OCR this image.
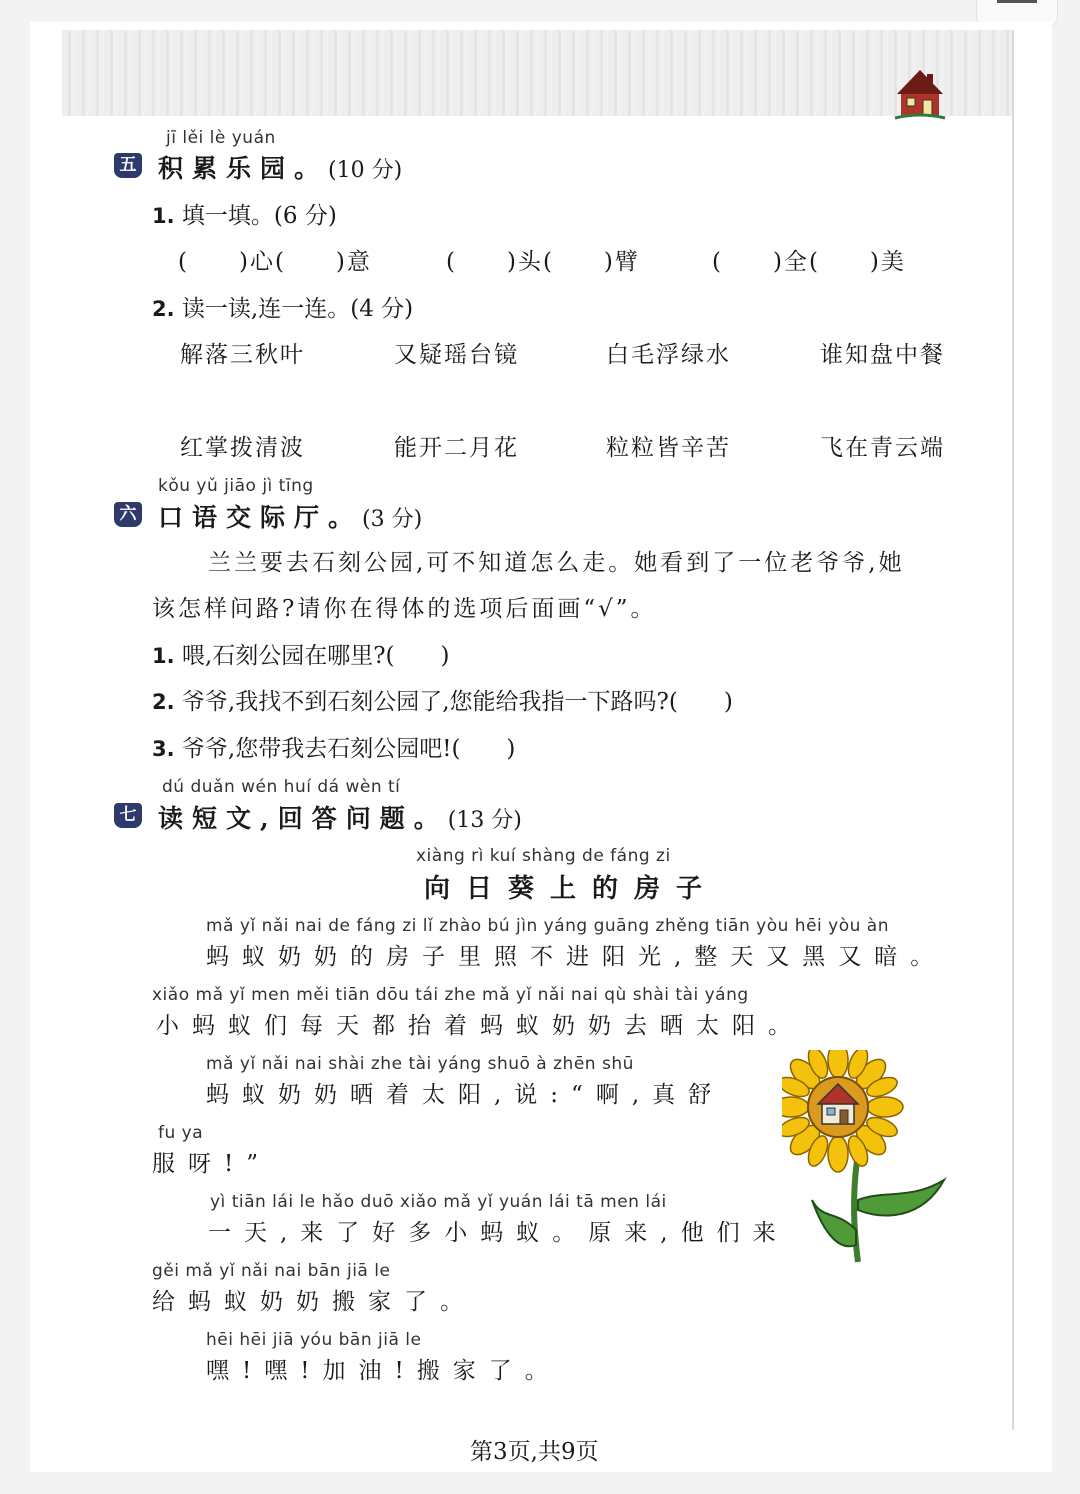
jī lěi lè yuán
五 积累乐园。(10 分)
1. 填一填。(6 分)
(　　)心(　　)意	(　　)头(　　)臂	(　　)全(　　)美
2. 读一读,连一连。(4 分)
解落三秋叶	又疑瑶台镜	白毛浮绿水	谁知盘中餐
红掌拨清波	能开二月花	粒粒皆辛苦	飞在青云端
kǒu yǔ jiāo jì tīng
六 口语交际厅。(3 分)
兰兰要去石刻公园,可不知道怎么走。她看到了一位老爷爷,她
该怎样问路?请你在得体的选项后面画“√”。
1. 喂,石刻公园在哪里?(　　)
2. 爷爷,我找不到石刻公园了,您能给我指一下路吗?(　　)
3. 爷爷,您带我去石刻公园吧!(　　)
dú duǎn wén huí dá wèn tí
七 读短文,回答问题。(13 分)
xiàng rì kuí shàng de fáng zi
向日葵上的房子
mǎ yǐ nǎi nai de fáng zi lǐ zhào bú jìn yáng guāng zhěng tiān yòu hēi yòu àn
蚂蚁奶奶的房子里照不进阳光,整天又黑又暗。
xiǎo mǎ yǐ men měi tiān dōu tái zhe mǎ yǐ nǎi nai qù shài tài yáng
小蚂蚁们每天都抬着蚂蚁奶奶去晒太阳。
mǎ yǐ nǎi nai shài zhe tài yáng shuō à zhēn shū
蚂蚁奶奶晒着太阳,说:“啊,真舒
fu ya
服呀!”
yì tiān lái le hǎo duō xiǎo mǎ yǐ yuán lái tā men lái
一天,来了好多小蚂蚁。原来,他们来
gěi mǎ yǐ nǎi nai bān jiā le
给蚂蚁奶奶搬家了。
hēi hēi jiā yóu bān jiā le
嘿!嘿!加油!搬家了。
第3页,共9页
